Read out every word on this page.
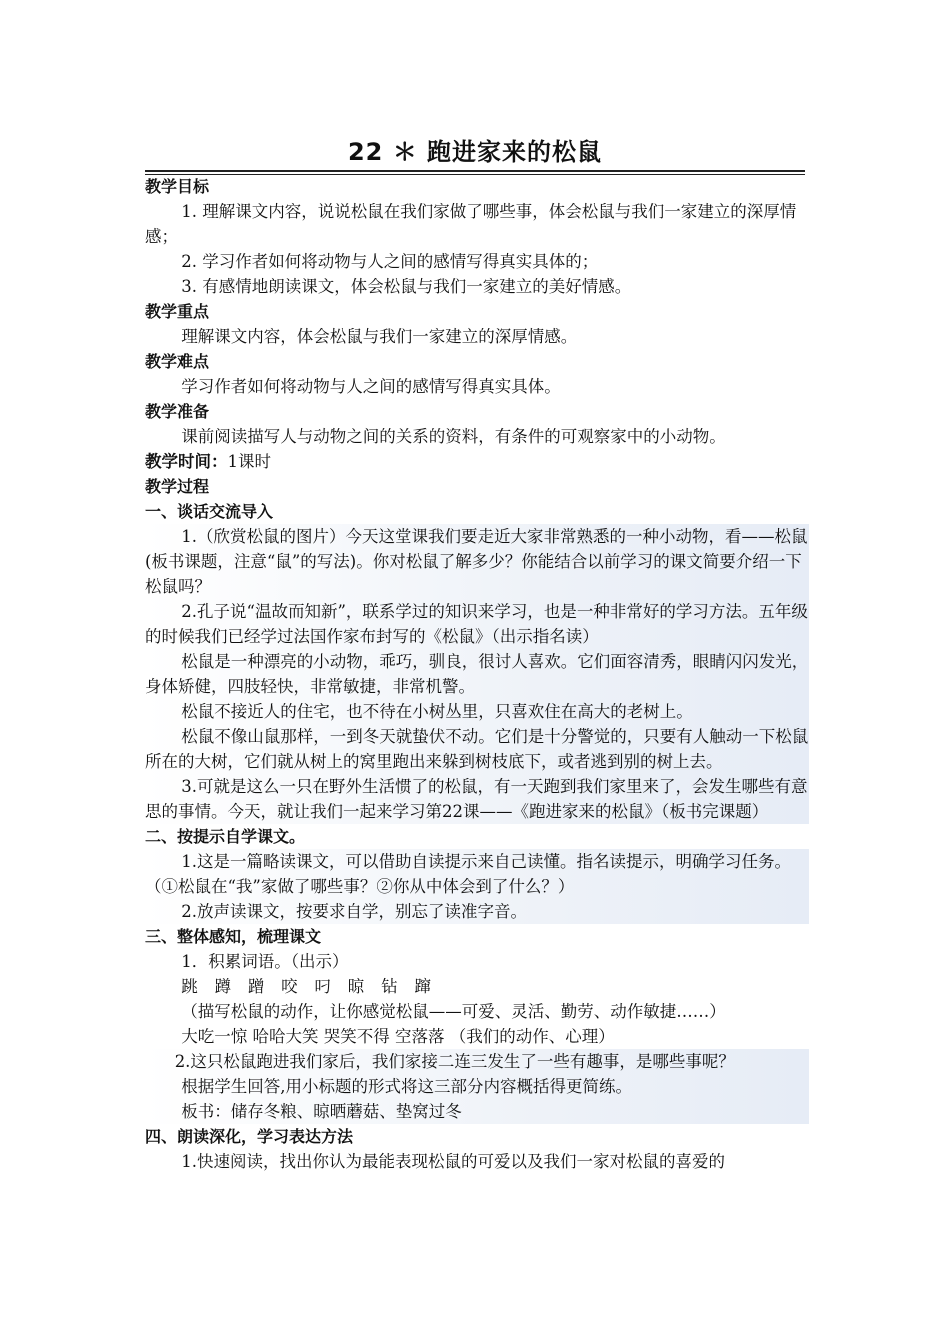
22 ＊ 跑进家来的松鼠

教学目标

1. 理解课文内容，说说松鼠在我们家做了哪些事，体会松鼠与我们一家建立的深厚情感；

2. 学习作者如何将动物与人之间的感情写得真实具体的；

3. 有感情地朗读课文，体会松鼠与我们一家建立的美好情感。

教学重点

理解课文内容，体会松鼠与我们一家建立的深厚情感。

教学难点

学习作者如何将动物与人之间的感情写得真实具体。

教学准备

课前阅读描写人与动物之间的关系的资料，有条件的可观察家中的小动物。

教学时间：1课时

教学过程

一、谈话交流导入

1.（欣赏松鼠的图片）今天这堂课我们要走近大家非常熟悉的一种小动物，看——松鼠(板书课题，注意“鼠”的写法)。你对松鼠了解多少？你能结合以前学习的课文简要介绍一下松鼠吗？

2.孔子说“温故而知新”，联系学过的知识来学习，也是一种非常好的学习方法。五年级的时候我们已经学过法国作家布封写的《松鼠》（出示指名读）

松鼠是一种漂亮的小动物，乖巧，驯良，很讨人喜欢。它们面容清秀，眼睛闪闪发光，身体矫健，四肢轻快，非常敏捷，非常机警。

松鼠不接近人的住宅，也不待在小树丛里，只喜欢住在高大的老树上。

松鼠不像山鼠那样，一到冬天就蛰伏不动。它们是十分警觉的，只要有人触动一下松鼠所在的大树，它们就从树上的窝里跑出来躲到树枝底下，或者逃到别的树上去。

3.可就是这么一只在野外生活惯了的松鼠，有一天跑到我们家里来了，会发生哪些有意思的事情。今天，就让我们一起来学习第22课——《跑进家来的松鼠》（板书完课题）

二、按提示自学课文。

1.这是一篇略读课文，可以借助自读提示来自己读懂。指名读提示，明确学习任务。（①松鼠在“我”家做了哪些事？②你从中体会到了什么？）

2.放声读课文，按要求自学，别忘了读准字音。

三、整体感知，梳理课文

1．积累词语。（出示）

跳 蹲 蹭 咬 叼 晾 钻 蹿

（描写松鼠的动作，让你感觉松鼠——可爱、灵活、勤劳、动作敏捷……）

大吃一惊 哈哈大笑 哭笑不得 空落落 （我们的动作、心理）

2.这只松鼠跑进我们家后，我们家接二连三发生了一些有趣事，是哪些事呢？

根据学生回答,用小标题的形式将这三部分内容概括得更简练。

板书：储存冬粮、晾晒蘑菇、垫窝过冬

四、朗读深化，学习表达方法

1.快速阅读，找出你认为最能表现松鼠的可爱以及我们一家对松鼠的喜爱的
